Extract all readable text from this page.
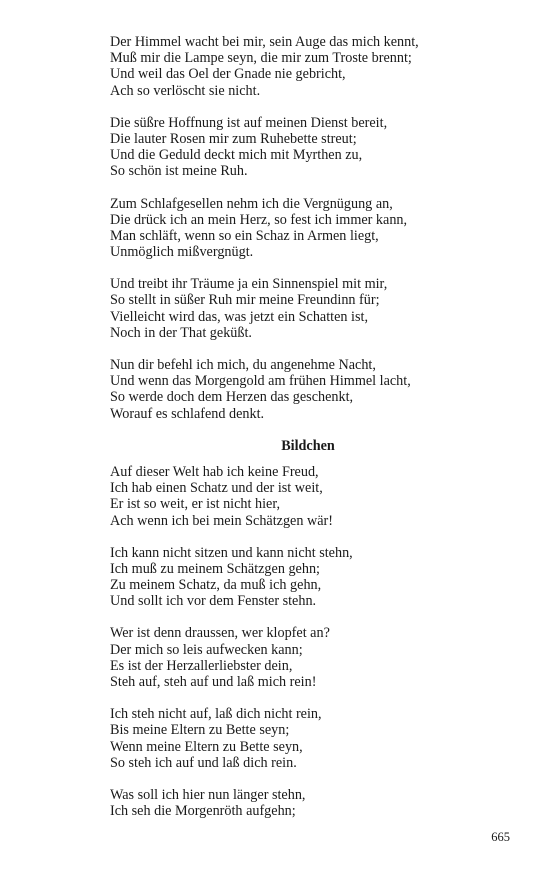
Der Himmel wacht bei mir, sein Auge das mich kennt,
Muß mir die Lampe seyn, die mir zum Troste brennt;
Und weil das Oel der Gnade nie gebricht,
Ach so verlöscht sie nicht.
Die süßre Hoffnung ist auf meinen Dienst bereit,
Die lauter Rosen mir zum Ruhebette streut;
Und die Geduld deckt mich mit Myrthen zu,
So schön ist meine Ruh.
Zum Schlafgesellen nehm ich die Vergnügung an,
Die drück ich an mein Herz, so fest ich immer kann,
Man schläft, wenn so ein Schaz in Armen liegt,
Unmöglich mißvergnügt.
Und treibt ihr Träume ja ein Sinnenspiel mit mir,
So stellt in süßer Ruh mir meine Freundinn für;
Vielleicht wird das, was jetzt ein Schatten ist,
Noch in der That geküßt.
Nun dir befehl ich mich, du angenehme Nacht,
Und wenn das Morgengold am frühen Himmel lacht,
So werde doch dem Herzen das geschenkt,
Worauf es schlafend denkt.
Bildchen
Auf dieser Welt hab ich keine Freud,
Ich hab einen Schatz und der ist weit,
Er ist so weit, er ist nicht hier,
Ach wenn ich bei mein Schätzgen wär!
Ich kann nicht sitzen und kann nicht stehn,
Ich muß zu meinem Schätzgen gehn;
Zu meinem Schatz, da muß ich gehn,
Und sollt ich vor dem Fenster stehn.
Wer ist denn draussen, wer klopfet an?
Der mich so leis aufwecken kann;
Es ist der Herzallerliebster dein,
Steh auf, steh auf und laß mich rein!
Ich steh nicht auf, laß dich nicht rein,
Bis meine Eltern zu Bette seyn;
Wenn meine Eltern zu Bette seyn,
So steh ich auf und laß dich rein.
Was soll ich hier nun länger stehn,
Ich seh die Morgenröth aufgehn;
665
